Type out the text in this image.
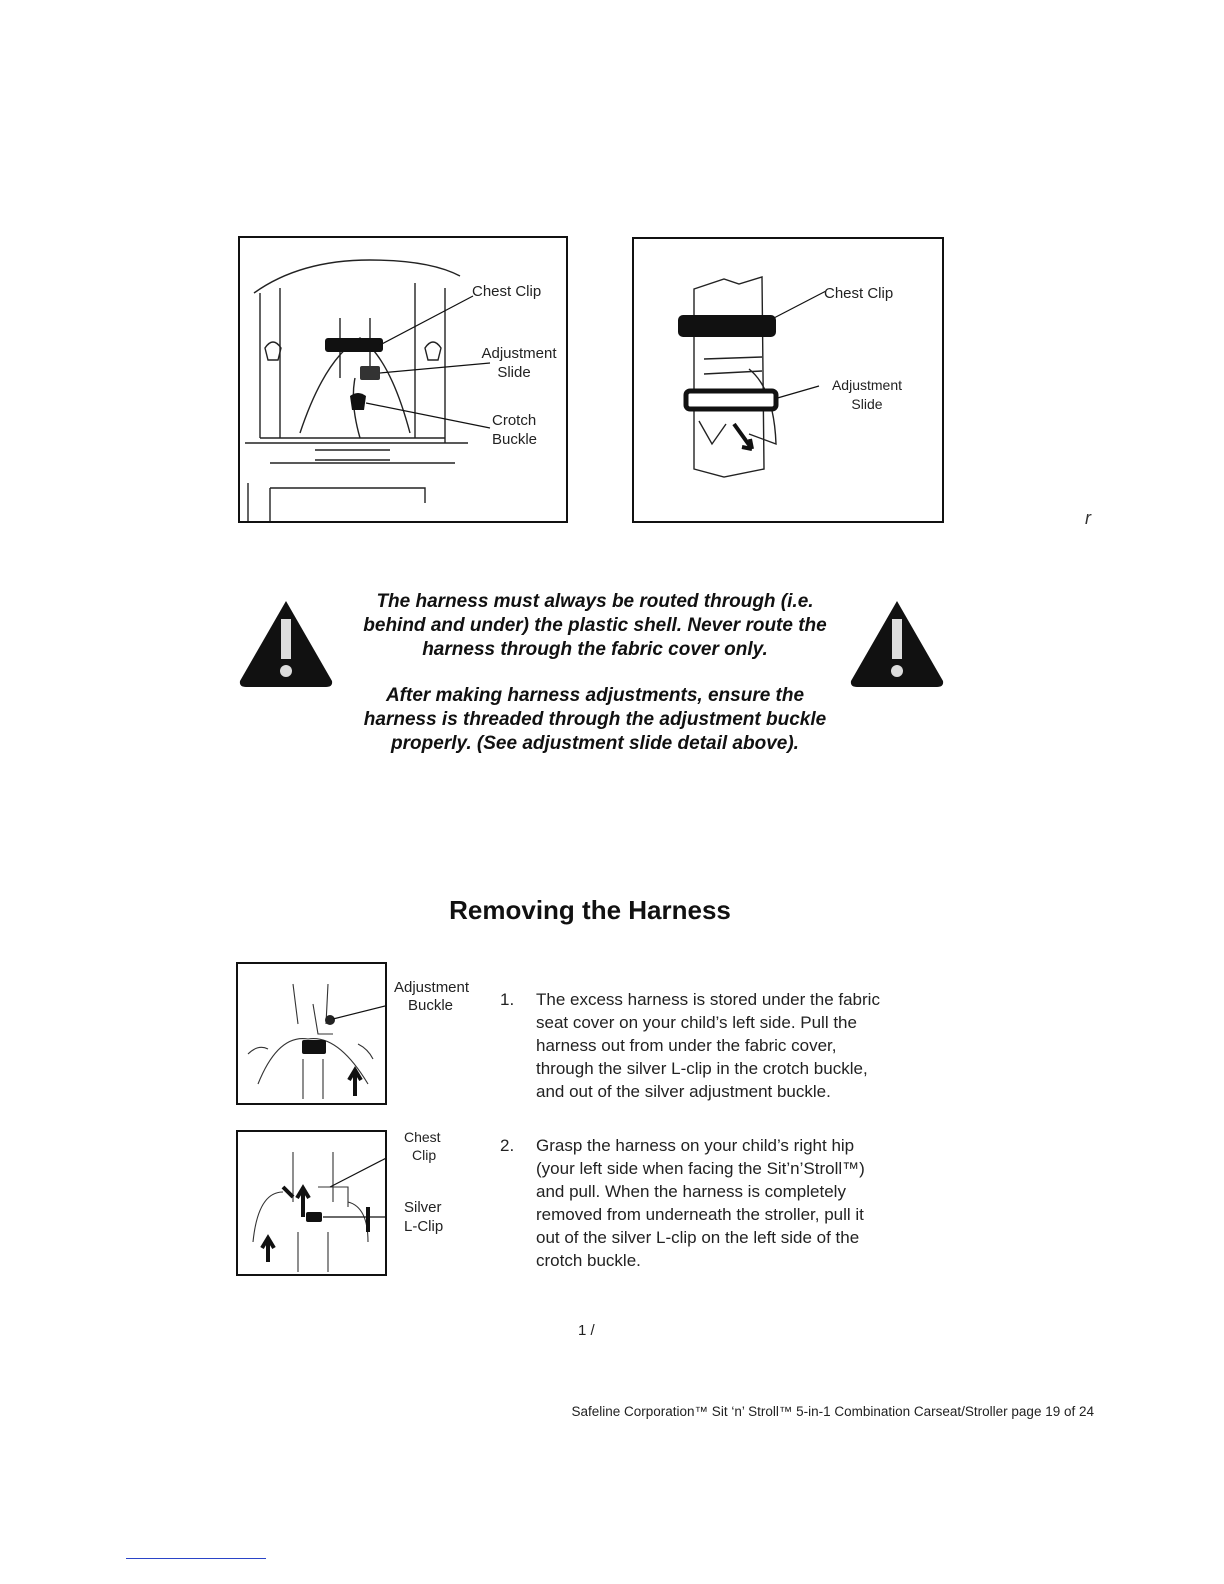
Chest Clip
Adjustment
Slide
Crotch
Buckle
Chest Clip
Adjustment
Slide
r
The harness must always be routed through (i.e.
behind and under) the plastic shell. Never route the
harness through the fabric cover only.
After making harness adjustments, ensure the
harness is threaded through the adjustment buckle
properly. (See adjustment slide detail above).
Removing the Harness
Adjustment
Buckle
Chest
Clip
Silver
L-Clip
1. The excess harness is stored under the fabric
seat cover on your child’s left side. Pull the
harness out from under the fabric cover,
through the silver L-clip in the crotch buckle,
and out of the silver adjustment buckle.
2. Grasp the harness on your child’s right hip
(your left side when facing the Sit’n’Stroll™)
and pull. When the harness is completely
removed from underneath the stroller, pull it
out of the silver L-clip on the left side of the
crotch buckle.
1 /
Safeline Corporation™ Sit ‘n’ Stroll™ 5-in-1 Combination Carseat/Stroller page 19 of 24
